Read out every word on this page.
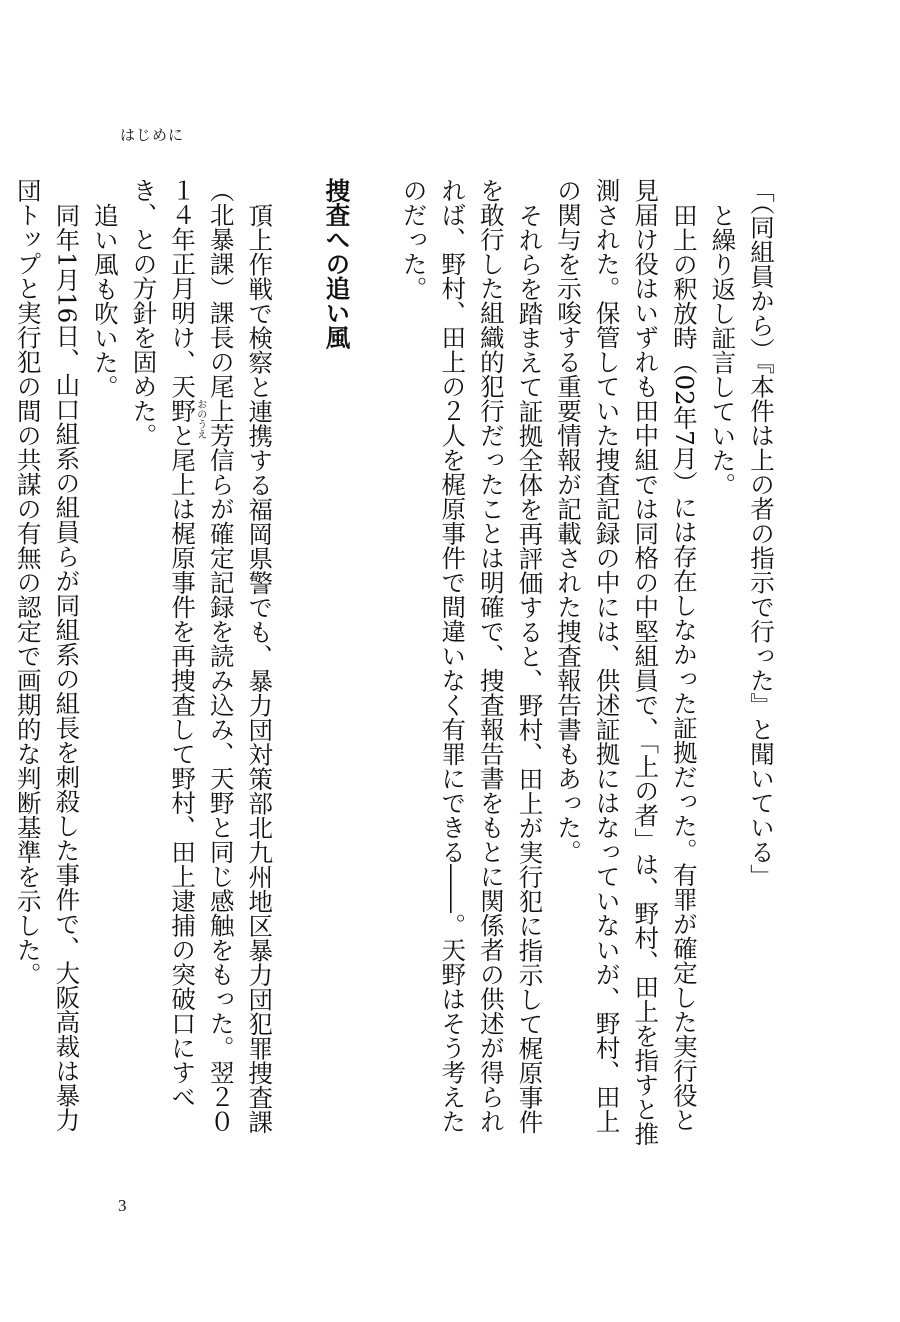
はじめに

「（同組員から）『本件は上の者の指示で行った』と聞いている」

と繰り返し証言していた。

田上の釈放時（02年7月）には存在しなかった証拠だった。有罪が確定した実行役と見届け役はいずれも田中組では同格の中堅組員で、「上の者」は、野村、田上を指すと推測された。保管していた捜査記録の中には、供述証拠にはなっていないが、野村、田上の関与を示唆する重要情報が記載された捜査報告書もあった。

それらを踏まえて証拠全体を再評価すると、野村、田上が実行犯に指示して梶原事件を敢行した組織的犯行だったことは明確で、捜査報告書をもとに関係者の供述が得られれば、野村、田上の２人を梶原事件で間違いなく有罪にできる――。天野はそう考えたのだった。

捜査への追い風

頂上作戦で検察と連携する福岡県警でも、暴力団対策部北九州地区暴力団犯罪捜査課（北暴課）課長の
おのうえ 尾上芳信らが確定記録を読み込み、天野と同じ感触をもった。翌２０１４年正月明け、天野と尾上は梶原事件を再捜査して野村、田上逮捕の突破口にすべき、との方針を固めた。

追い風も吹いた。

同年1月16日、山口組系の組員らが同組系の組長を刺殺した事件で、大阪高裁は暴力団トップと実行犯の間の共謀の有無の認定で画期的な判断基準を示した。

3
